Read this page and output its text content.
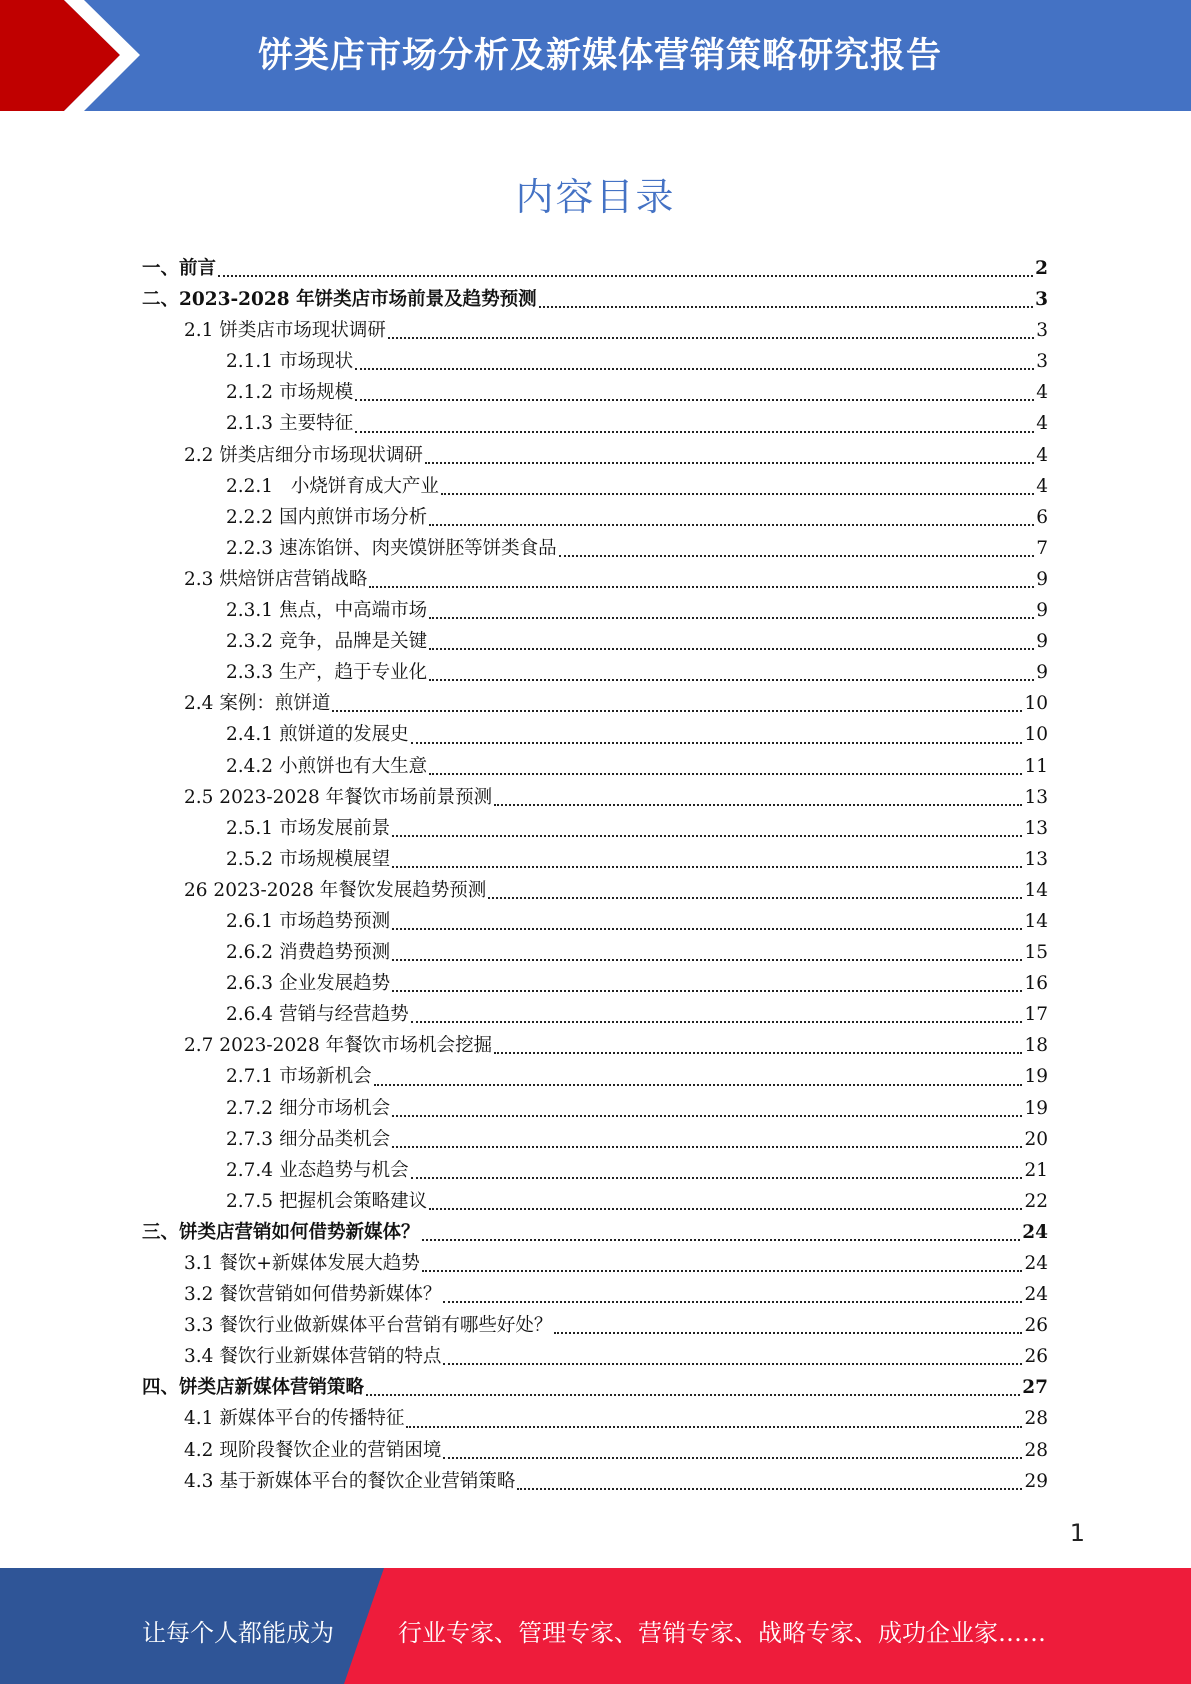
饼类店市场分析及新媒体营销策略研究报告
内容目录
一、前言	2
二、2023-2028 年饼类店市场前景及趋势预测	3
2.1 饼类店市场现状调研	3
2.1.1 市场现状	3
2.1.2 市场规模	4
2.1.3 主要特征	4
2.2 饼类店细分市场现状调研	4
2.2.1  小烧饼育成大产业	4
2.2.2 国内煎饼市场分析	6
2.2.3 速冻馅饼、肉夹馍饼胚等饼类食品	7
2.3 烘焙饼店营销战略	9
2.3.1 焦点，中高端市场	9
2.3.2 竞争，品牌是关键	9
2.3.3 生产，趋于专业化	9
2.4 案例：煎饼道	10
2.4.1 煎饼道的发展史	10
2.4.2 小煎饼也有大生意	11
2.5 2023-2028 年餐饮市场前景预测	13
2.5.1 市场发展前景	13
2.5.2 市场规模展望	13
26 2023-2028 年餐饮发展趋势预测	14
2.6.1 市场趋势预测	14
2.6.2 消费趋势预测	15
2.6.3 企业发展趋势	16
2.6.4 营销与经营趋势	17
2.7 2023-2028 年餐饮市场机会挖掘	18
2.7.1 市场新机会	19
2.7.2 细分市场机会	19
2.7.3 细分品类机会	20
2.7.4 业态趋势与机会	21
2.7.5 把握机会策略建议	22
三、饼类店营销如何借势新媒体？	24
3.1 餐饮+新媒体发展大趋势	24
3.2 餐饮营销如何借势新媒体？	24
3.3 餐饮行业做新媒体平台营销有哪些好处？	26
3.4 餐饮行业新媒体营销的特点	26
四、饼类店新媒体营销策略	27
4.1 新媒体平台的传播特征	28
4.2 现阶段餐饮企业的营销困境	28
4.3 基于新媒体平台的餐饮企业营销策略	29
1
让每个人都能成为	行业专家、管理专家、营销专家、战略专家、成功企业家……
